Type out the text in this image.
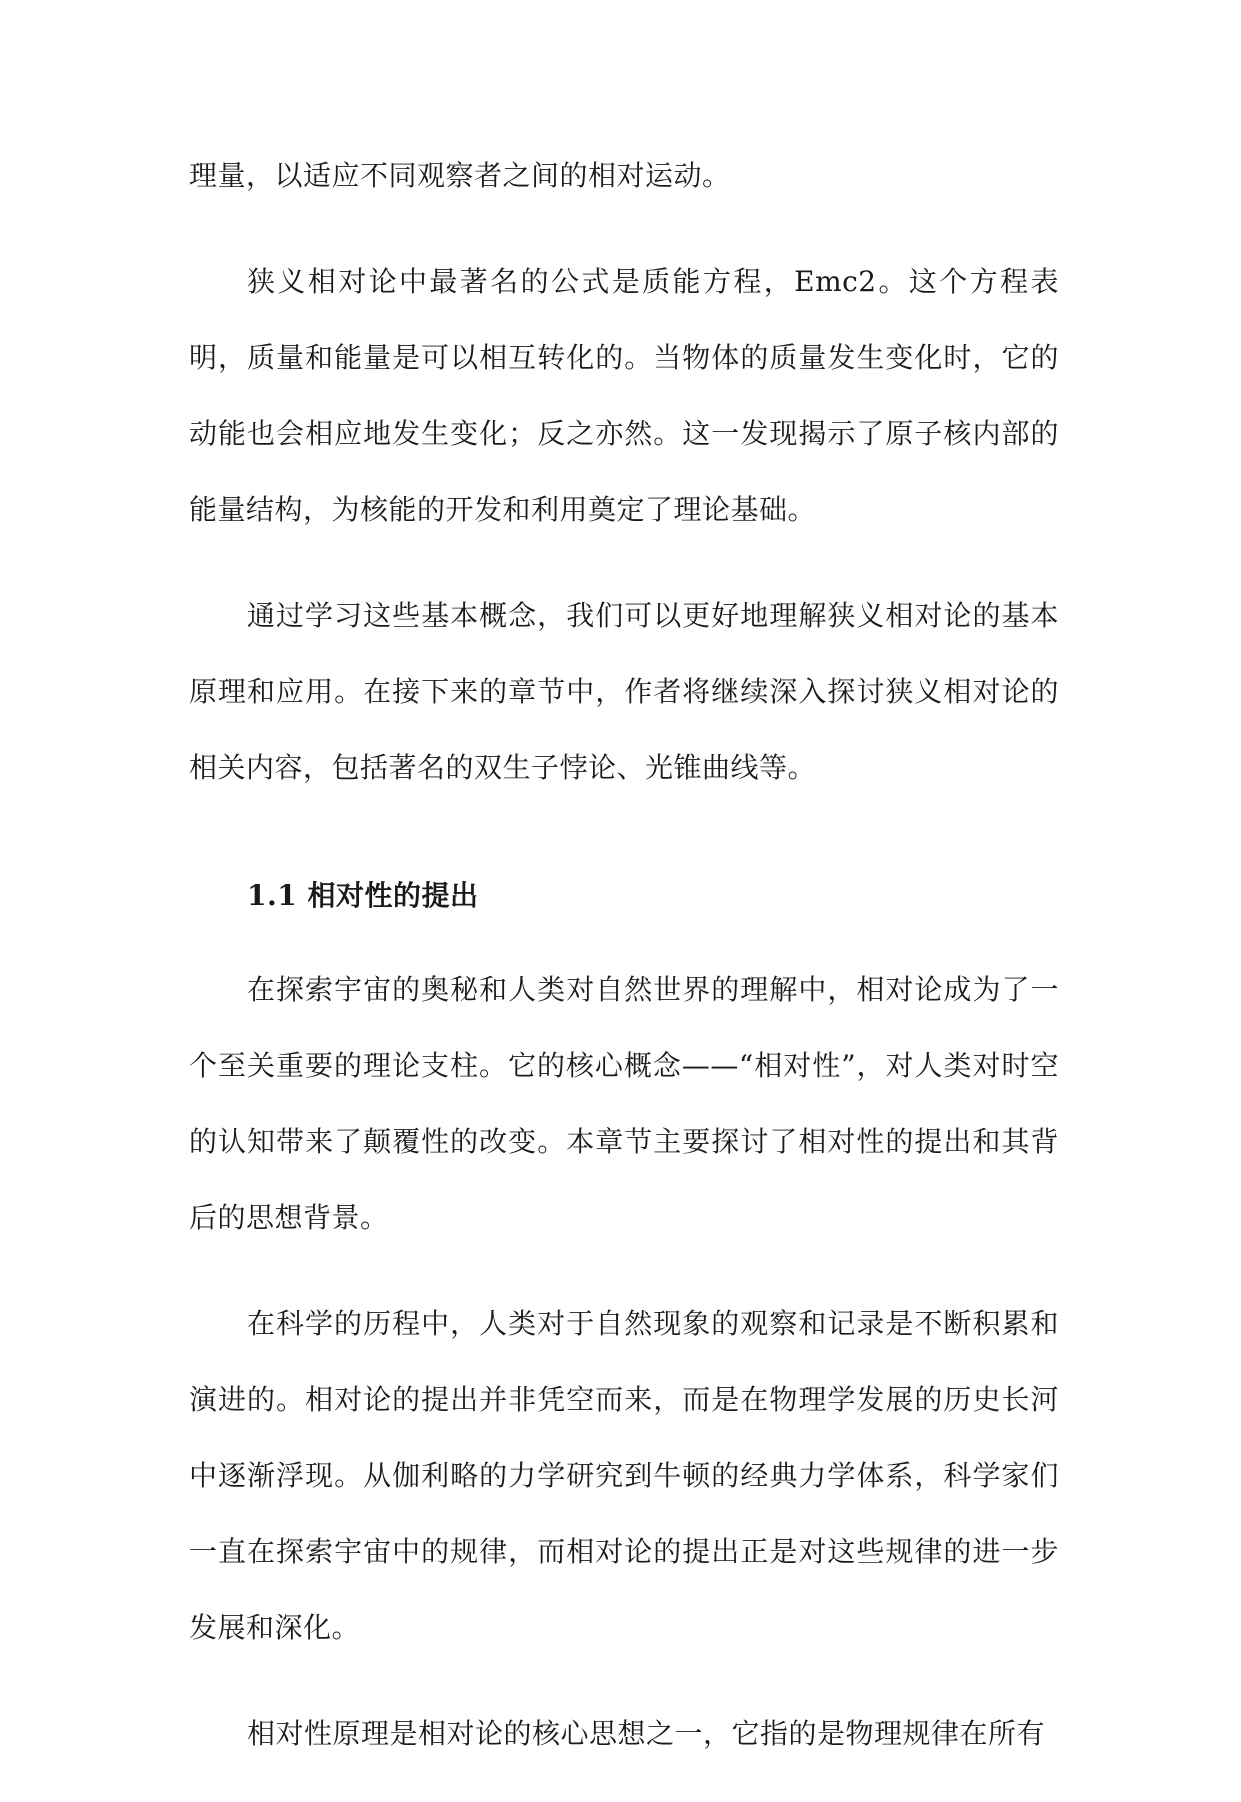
理量，以适应不同观察者之间的相对运动。

狭义相对论中最著名的公式是质能方程，Emc2。这个方程表明，质量和能量是可以相互转化的。当物体的质量发生变化时，它的动能也会相应地发生变化；反之亦然。这一发现揭示了原子核内部的能量结构，为核能的开发和利用奠定了理论基础。

通过学习这些基本概念，我们可以更好地理解狭义相对论的基本原理和应用。在接下来的章节中，作者将继续深入探讨狭义相对论的相关内容，包括著名的双生子悖论、光锥曲线等。

1.1 相对性的提出

在探索宇宙的奥秘和人类对自然世界的理解中，相对论成为了一个至关重要的理论支柱。它的核心概念——“相对性”，对人类对时空的认知带来了颠覆性的改变。本章节主要探讨了相对性的提出和其背后的思想背景。

在科学的历程中，人类对于自然现象的观察和记录是不断积累和演进的。相对论的提出并非凭空而来，而是在物理学发展的历史长河中逐渐浮现。从伽利略的力学研究到牛顿的经典力学体系，科学家们一直在探索宇宙中的规律，而相对论的提出正是对这些规律的进一步发展和深化。

相对性原理是相对论的核心思想之一，它指的是物理规律在所有
